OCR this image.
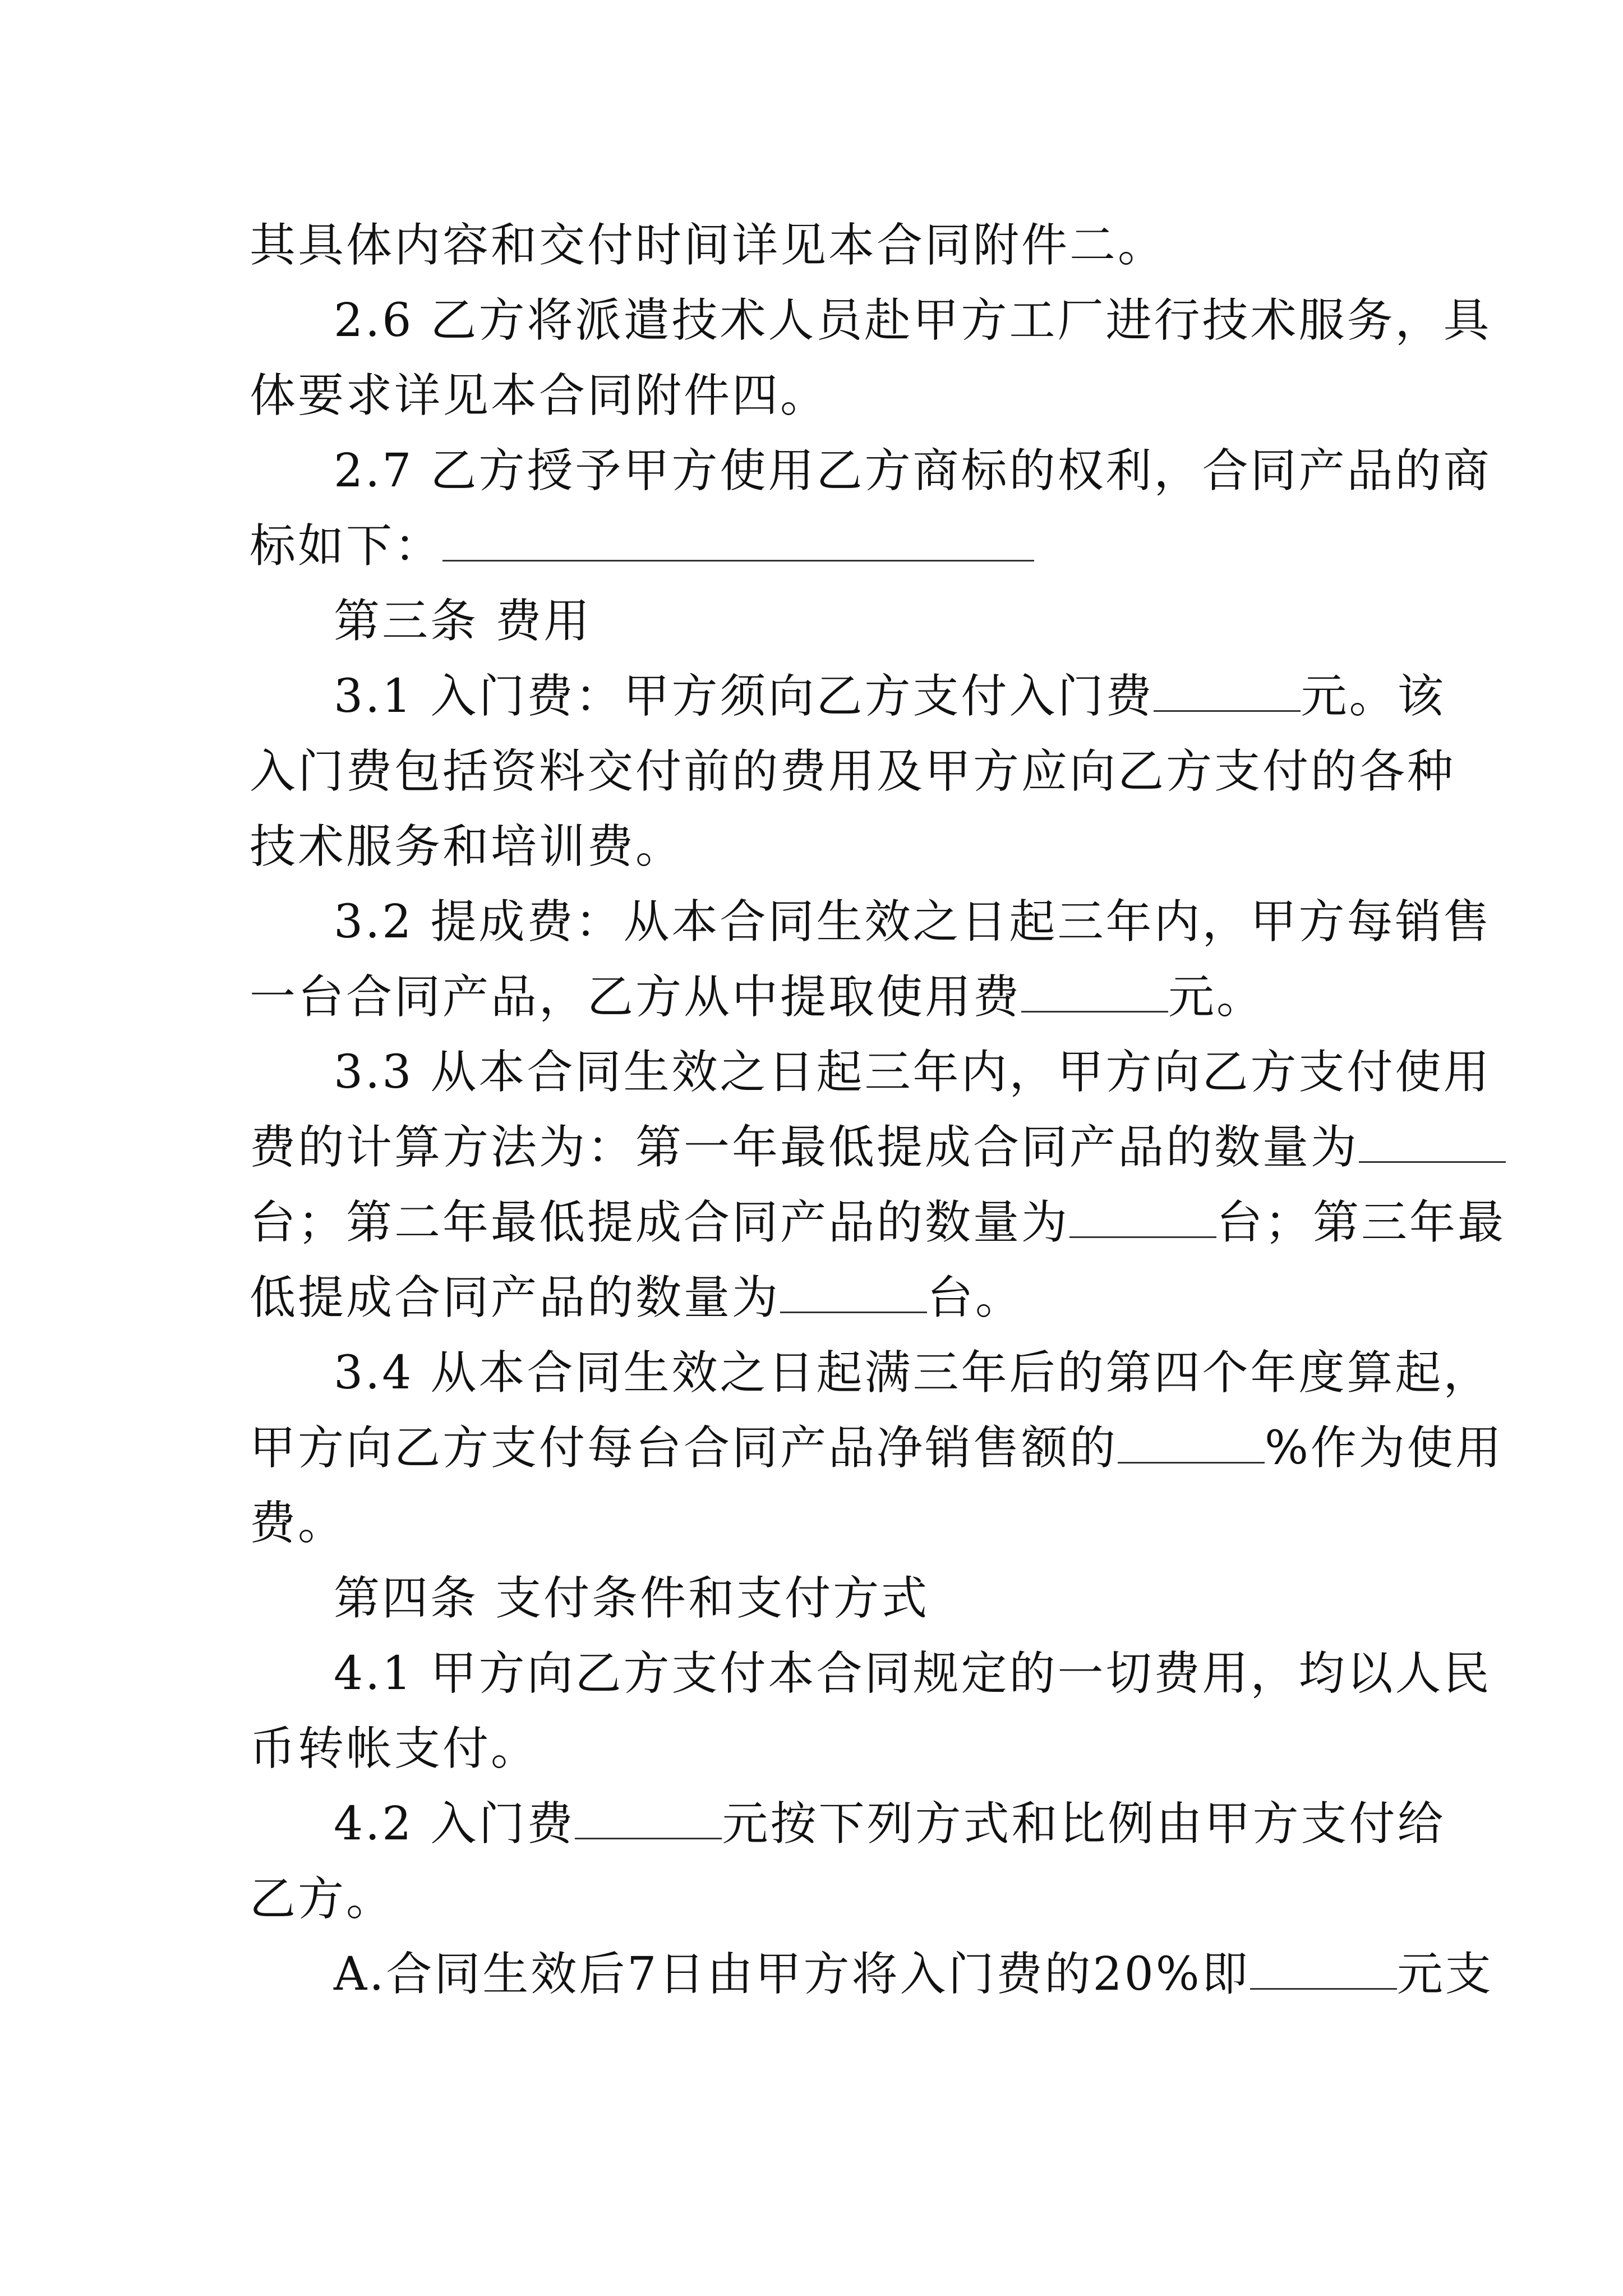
其具体内容和交付时间详见本合同附件二。
2.6 乙方将派遣技术人员赴甲方工厂进行技术服务，具
体要求详见本合同附件四。
2.7 乙方授予甲方使用乙方商标的权利，合同产品的商
标如下：
第三条 费用
3.1 入门费：甲方须向乙方支付入门费	元。该
入门费包括资料交付前的费用及甲方应向乙方支付的各种
技术服务和培训费。
3.2 提成费：从本合同生效之日起三年内，甲方每销售
一台合同产品，乙方从中提取使用费	元。
3.3 从本合同生效之日起三年内，甲方向乙方支付使用
费的计算方法为：第一年最低提成合同产品的数量为
台；第二年最低提成合同产品的数量为	台；第三年最
低提成合同产品的数量为	台。
3.4 从本合同生效之日起满三年后的第四个年度算起，
甲方向乙方支付每台合同产品净销售额的	%作为使用
费。
第四条 支付条件和支付方式
4.1 甲方向乙方支付本合同规定的一切费用，均以人民
币转帐支付。
4.2 入门费	元按下列方式和比例由甲方支付给
乙方。
A.合同生效后7日由甲方将入门费的20%即	元支
